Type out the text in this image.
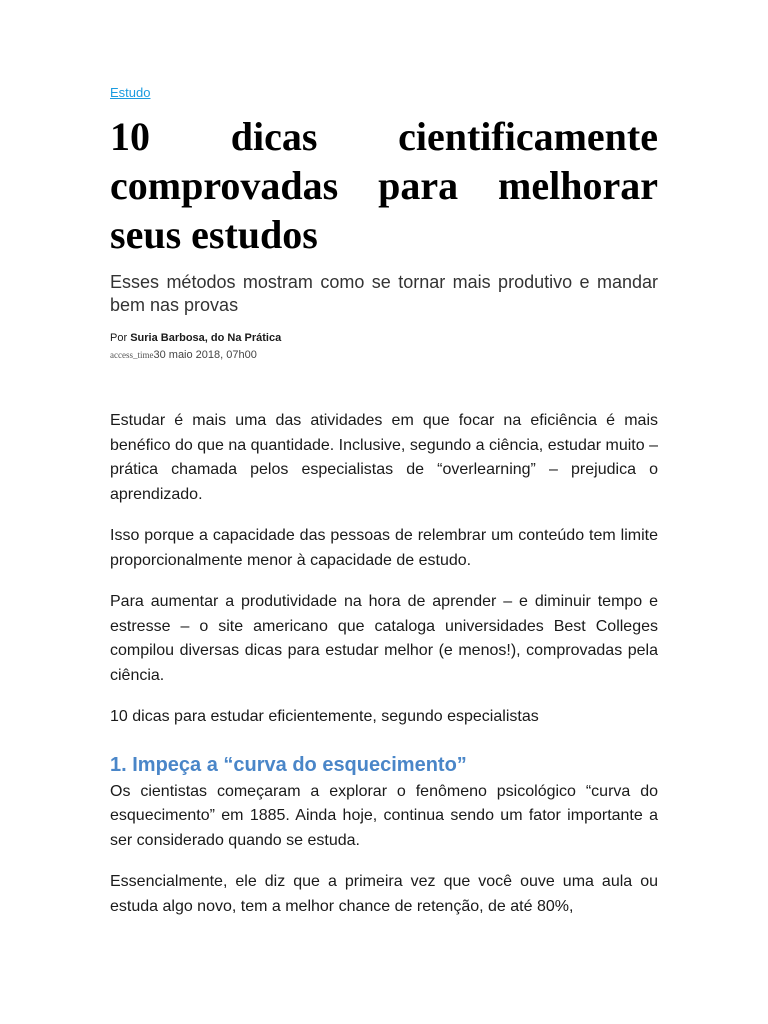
Estudo
10 dicas cientificamente comprovadas para melhorar seus estudos

Esses métodos mostram como se tornar mais produtivo e mandar bem nas provas

Por Suria Barbosa, do Na Prática
access_time30 maio 2018, 07h00

Estudar é mais uma das atividades em que focar na eficiência é mais benéfico do que na quantidade. Inclusive, segundo a ciência, estudar muito – prática chamada pelos especialistas de “overlearning” – prejudica o aprendizado.

Isso porque a capacidade das pessoas de relembrar um conteúdo tem limite proporcionalmente menor à capacidade de estudo.

Para aumentar a produtividade na hora de aprender – e diminuir tempo e estresse – o site americano que cataloga universidades Best Colleges compilou diversas dicas para estudar melhor (e menos!), comprovadas pela ciência.

10 dicas para estudar eficientemente, segundo especialistas

1. Impeça a “curva do esquecimento”

Os cientistas começaram a explorar o fenômeno psicológico “curva do esquecimento” em 1885. Ainda hoje, continua sendo um fator importante a ser considerado quando se estuda.

Essencialmente, ele diz que a primeira vez que você ouve uma aula ou estuda algo novo, tem a melhor chance de retenção, de até 80%,
